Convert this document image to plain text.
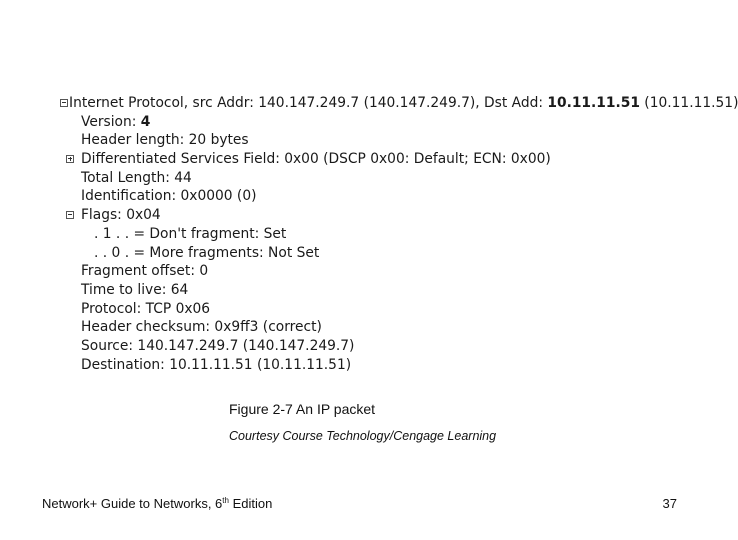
Internet Protocol, src Addr: 140.147.249.7 (140.147.249.7), Dst Add: 10.11.11.51 (10.11.11.51)
Version: 4
Header length: 20 bytes
Differentiated Services Field: 0x00 (DSCP 0x00: Default; ECN: 0x00)
Total Length: 44
Identification: 0x0000 (0)
Flags: 0x04
. 1 . . = Don't fragment: Set
. . 0 . = More fragments: Not Set
Fragment offset: 0
Time to live: 64
Protocol: TCP 0x06
Header checksum: 0x9ff3 (correct)
Source: 140.147.249.7 (140.147.249.7)
Destination: 10.11.11.51 (10.11.11.51)
Figure 2-7 An IP packet
Courtesy Course Technology/Cengage Learning
Network+ Guide to Networks, 6th Edition	37
